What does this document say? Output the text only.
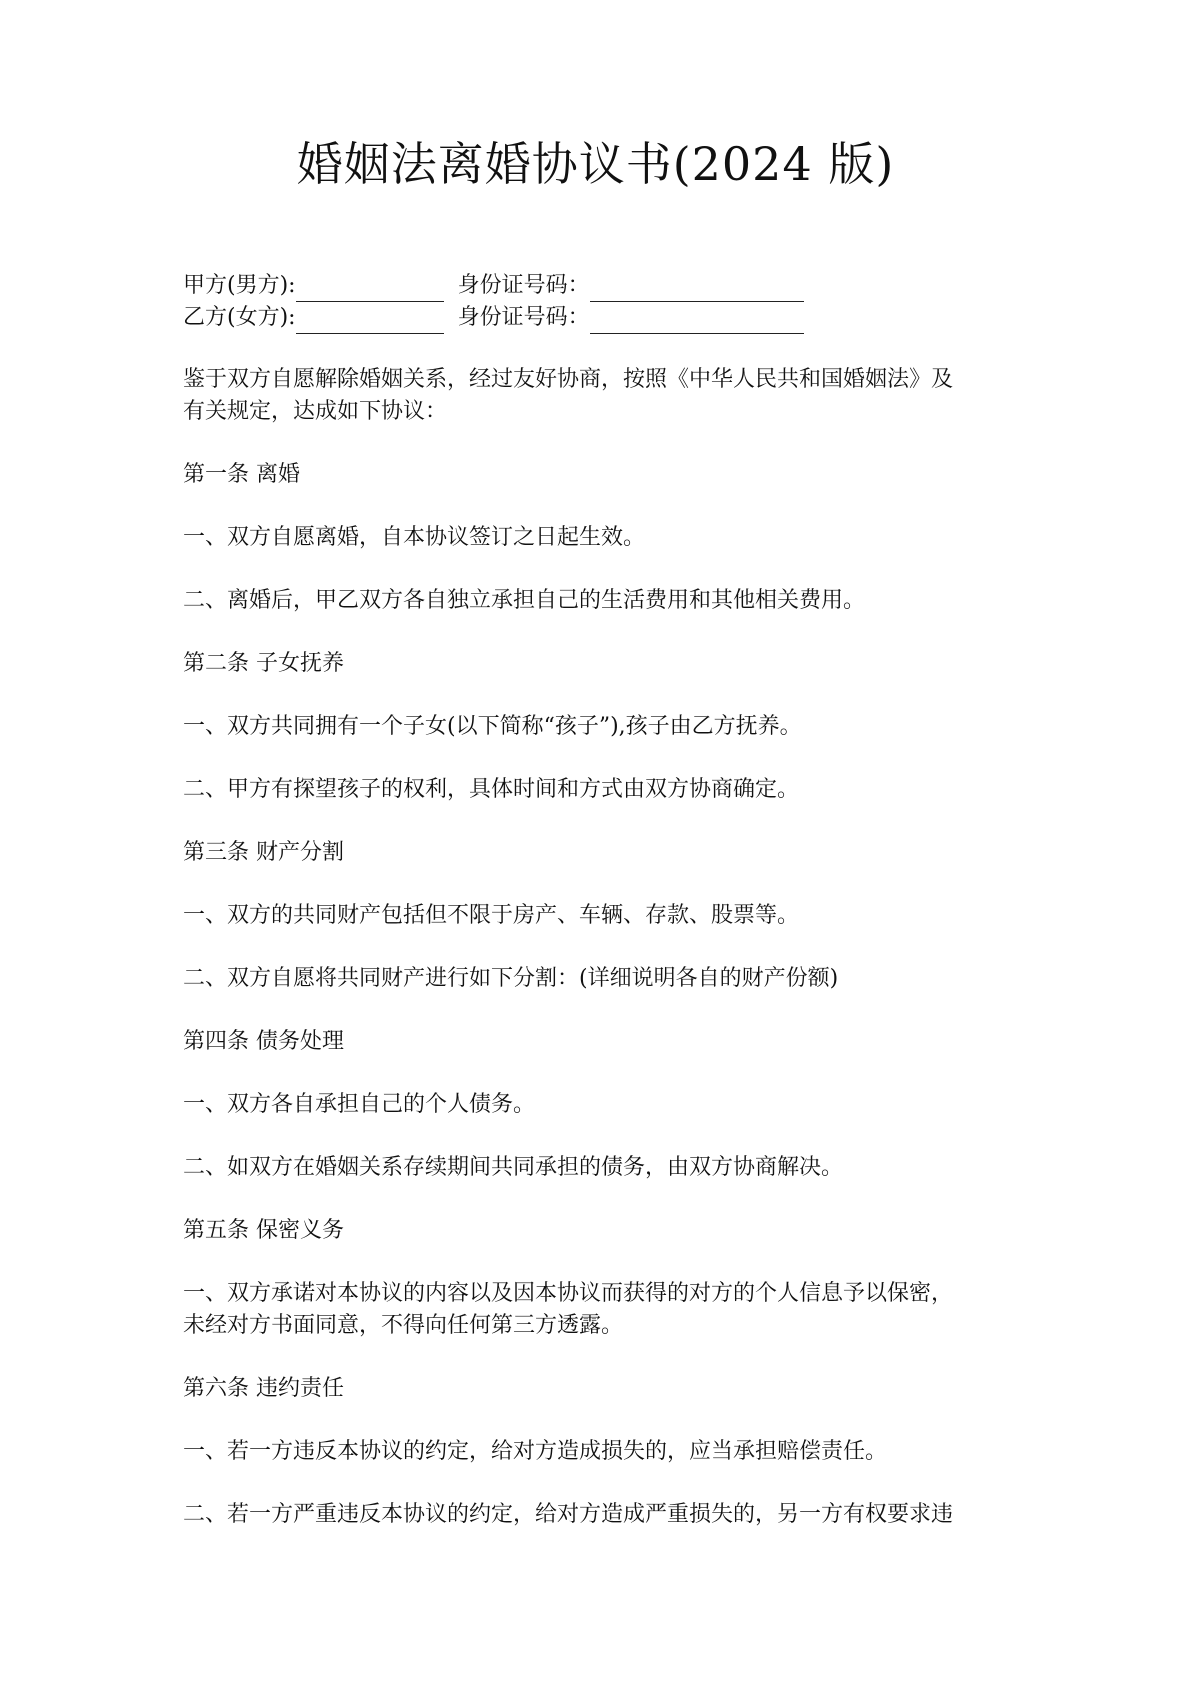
婚姻法离婚协议书(2024 版)
甲方(男方):	身份证号码：
乙方(女方):	身份证号码：
鉴于双方自愿解除婚姻关系，经过友好协商，按照《中华人民共和国婚姻法》及
有关规定，达成如下协议：
第一条 离婚
一、双方自愿离婚，自本协议签订之日起生效。
二、离婚后，甲乙双方各自独立承担自己的生活费用和其他相关费用。
第二条 子女抚养
一、双方共同拥有一个子女(以下简称“孩子”),孩子由乙方抚养。
二、甲方有探望孩子的权利，具体时间和方式由双方协商确定。
第三条 财产分割
一、双方的共同财产包括但不限于房产、车辆、存款、股票等。
二、双方自愿将共同财产进行如下分割：(详细说明各自的财产份额)
第四条 债务处理
一、双方各自承担自己的个人债务。
二、如双方在婚姻关系存续期间共同承担的债务，由双方协商解决。
第五条 保密义务
一、双方承诺对本协议的内容以及因本协议而获得的对方的个人信息予以保密，
未经对方书面同意，不得向任何第三方透露。
第六条 违约责任
一、若一方违反本协议的约定，给对方造成损失的，应当承担赔偿责任。
二、若一方严重违反本协议的约定，给对方造成严重损失的，另一方有权要求违
